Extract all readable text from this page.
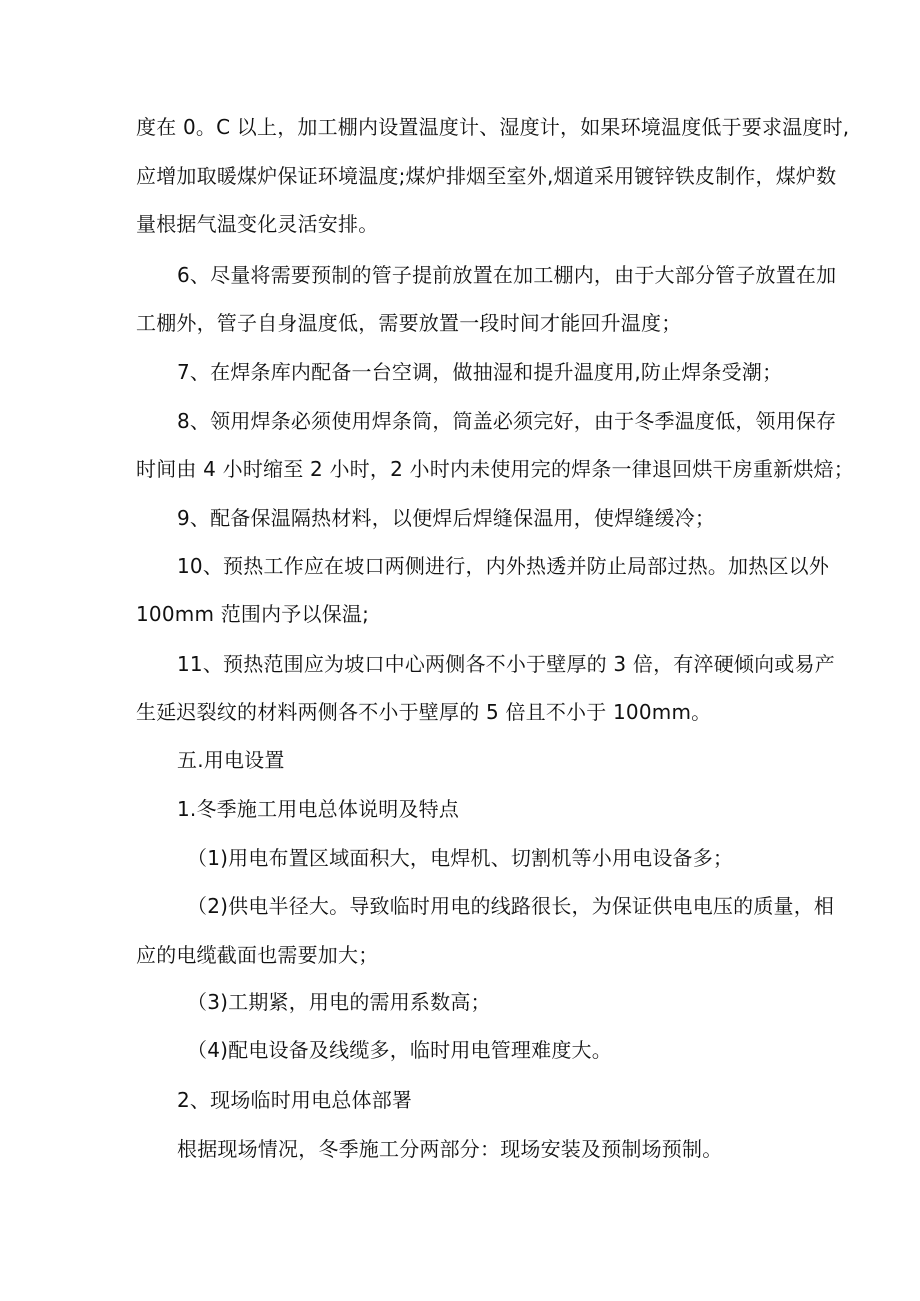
度在 0。C 以上，加工棚内设置温度计、湿度计，如果环境温度低于要求温度时,
应增加取暖煤炉保证环境温度;煤炉排烟至室外,烟道采用镀锌铁皮制作，煤炉数
量根据气温变化灵活安排。
6、尽量将需要预制的管子提前放置在加工棚内，由于大部分管子放置在加
工棚外，管子自身温度低，需要放置一段时间才能回升温度；
7、在焊条库内配备一台空调，做抽湿和提升温度用,防止焊条受潮；
8、领用焊条必须使用焊条筒，筒盖必须完好，由于冬季温度低，领用保存
时间由 4 小时缩至 2 小时，2 小时内未使用完的焊条一律退回烘干房重新烘焙；
9、配备保温隔热材料，以便焊后焊缝保温用，使焊缝缓冷；
10、预热工作应在坡口两侧进行，内外热透并防止局部过热。加热区以外
100mm 范围内予以保温;
11、预热范围应为坡口中心两侧各不小于壁厚的 3 倍，有淬硬倾向或易产
生延迟裂纹的材料两侧各不小于壁厚的 5 倍且不小于 100mm。
五.用电设置
1.冬季施工用电总体说明及特点
（1)用电布置区域面积大，电焊机、切割机等小用电设备多；
（2)供电半径大。导致临时用电的线路很长，为保证供电电压的质量，相
应的电缆截面也需要加大；
（3)工期紧，用电的需用系数高；
（4)配电设备及线缆多，临时用电管理难度大。
2、现场临时用电总体部署
根据现场情况，冬季施工分两部分：现场安装及预制场预制。
